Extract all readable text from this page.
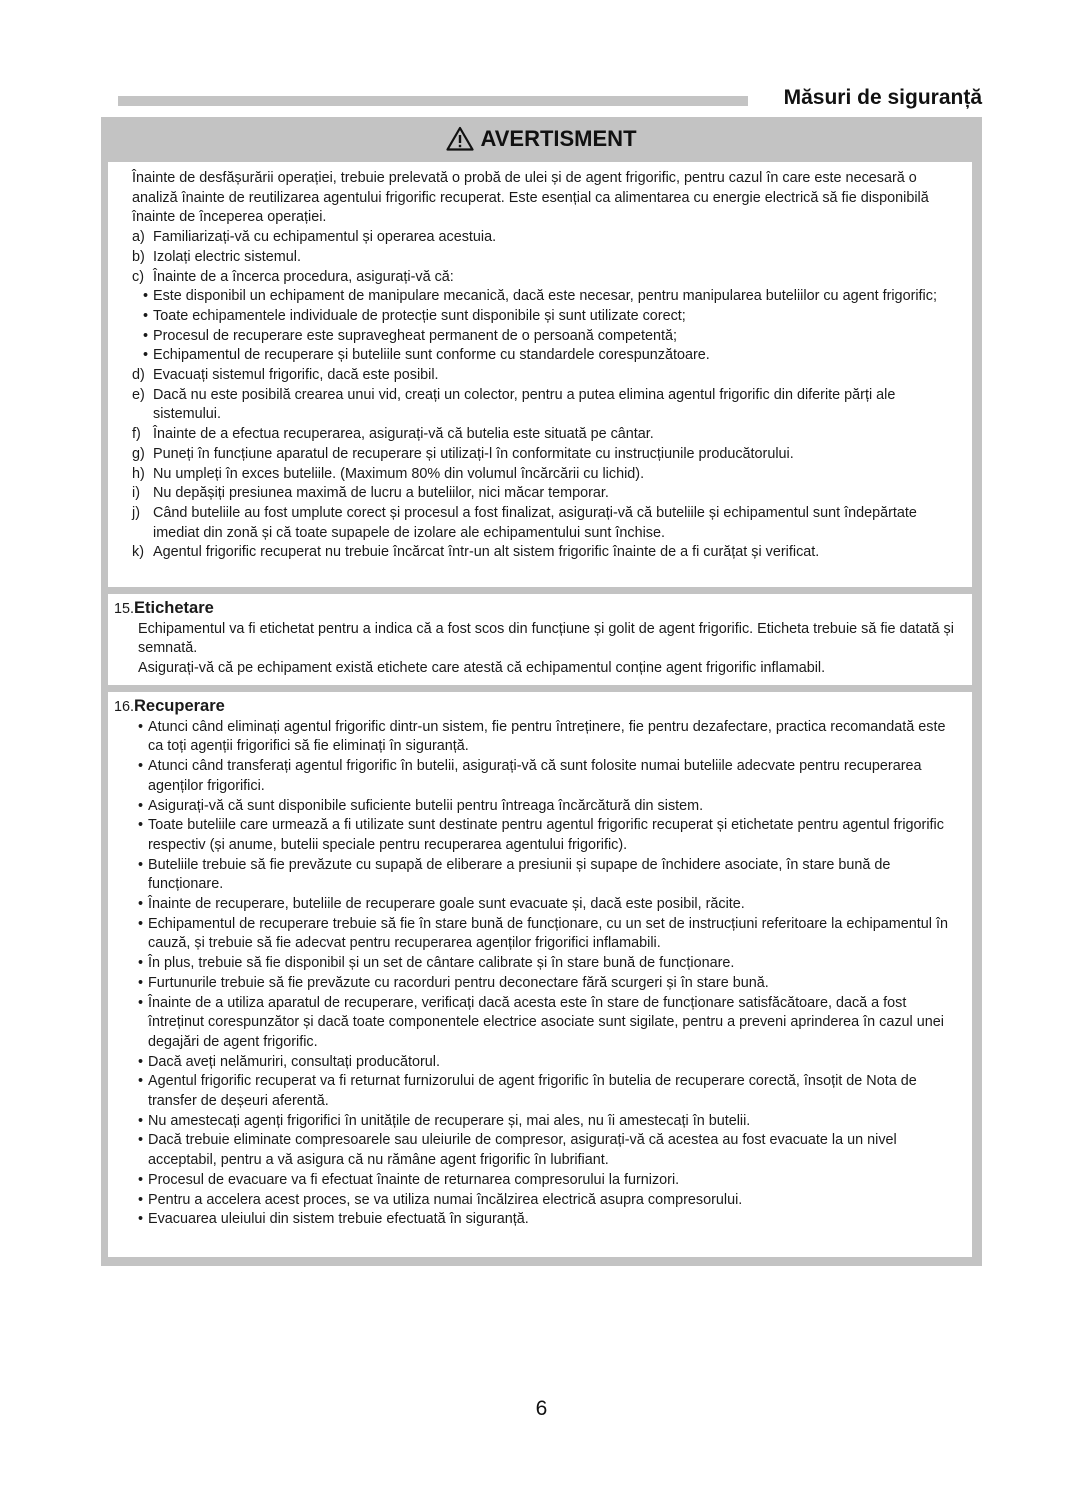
Măsuri de siguranță
AVERTISMENT

Înainte de desfășurării operației, trebuie prelevată o probă de ulei și de agent frigorific, pentru cazul în care este necesară o analiză înainte de reutilizarea agentului frigorific recuperat. Este esențial ca alimentarea cu energie electrică să fie disponibilă înainte de începerea operației.

a) Familiarizați-vă cu echipamentul și operarea acestuia.
b) Izolați electric sistemul.
c) Înainte de a încerca procedura, asigurați-vă că:
• Este disponibil un echipament de manipulare mecanică, dacă este necesar, pentru manipularea buteliilor cu agent frigorific;
• Toate echipamentele individuale de protecție sunt disponibile și sunt utilizate corect;
• Procesul de recuperare este supravegheat permanent de o persoană competentă;
• Echipamentul de recuperare și buteliile sunt conforme cu standardele corespunzătoare.
d) Evacuați sistemul frigorific, dacă este posibil.
e) Dacă nu este posibilă crearea unui vid, creați un colector, pentru a putea elimina agentul frigorific din diferite părți ale sistemului.
f) Înainte de a efectua recuperarea, asigurați-vă că butelia este situată pe cântar.
g) Puneți în funcțiune aparatul de recuperare și utilizați-l în conformitate cu instrucțiunile producătorului.
h) Nu umpleți în exces buteliile. (Maximum 80% din volumul încărcării cu lichid).
i) Nu depășiți presiunea maximă de lucru a buteliilor, nici măcar temporar.
j) Când buteliile au fost umplute corect și procesul a fost finalizat, asigurați-vă că buteliile și echipamentul sunt îndepărtate imediat din zonă și că toate supapele de izolare ale echipamentului sunt închise.
k) Agentul frigorific recuperat nu trebuie încărcat într-un alt sistem frigorific înainte de a fi curățat și verificat.
15. Etichetare
Echipamentul va fi etichetat pentru a indica că a fost scos din funcțiune și golit de agent frigorific. Eticheta trebuie să fie datată și semnată.
Asigurați-vă că pe echipament există etichete care atestă că echipamentul conține agent frigorific inflamabil.
16. Recuperare
• Atunci când eliminați agentul frigorific dintr-un sistem, fie pentru întreținere, fie pentru dezafectare, practica recomandată este ca toți agenții frigorifici să fie eliminați în siguranță.
• Atunci când transferați agentul frigorific în butelii, asigurați-vă că sunt folosite numai buteliile adecvate pentru recuperarea agenților frigorifici.
• Asigurați-vă că sunt disponibile suficiente butelii pentru întreaga încărcătură din sistem.
• Toate buteliile care urmează a fi utilizate sunt destinate pentru agentul frigorific recuperat și etichetate pentru agentul frigorific respectiv (și anume, butelii speciale pentru recuperarea agentului frigorific).
• Buteliile trebuie să fie prevăzute cu supapă de eliberare a presiunii și supape de închidere asociate, în stare bună de funcționare.
• Înainte de recuperare, buteliile de recuperare goale sunt evacuate și, dacă este posibil, răcite.
• Echipamentul de recuperare trebuie să fie în stare bună de funcționare, cu un set de instrucțiuni referitoare la echipamentul în cauză, și trebuie să fie adecvat pentru recuperarea agenților frigorifici inflamabili.
• În plus, trebuie să fie disponibil și un set de cântare calibrate și în stare bună de funcționare.
• Furtunurile trebuie să fie prevăzute cu racorduri pentru deconectare fără scurgeri și în stare bună.
• Înainte de a utiliza aparatul de recuperare, verificați dacă acesta este în stare de funcționare satisfăcătoare, dacă a fost întreținut corespunzător și dacă toate componentele electrice asociate sunt sigilate, pentru a preveni aprinderea în cazul unei degajări de agent frigorific.
• Dacă aveți nelămuriri, consultați producătorul.
• Agentul frigorific recuperat va fi returnat furnizorului de agent frigorific în butelia de recuperare corectă, însoțit de Nota de transfer de deșeuri aferentă.
• Nu amestecați agenți frigorifici în unitățile de recuperare și, mai ales, nu îi amestecați în butelii.
• Dacă trebuie eliminate compresoarele sau uleiurile de compresor, asigurați-vă că acestea au fost evacuate la un nivel acceptabil, pentru a vă asigura că nu rămâne agent frigorific în lubrifiant.
• Procesul de evacuare va fi efectuat înainte de returnarea compresorului la furnizori.
• Pentru a accelera acest proces, se va utiliza numai încălzirea electrică asupra compresorului.
• Evacuarea uleiului din sistem trebuie efectuată în siguranță.
6
